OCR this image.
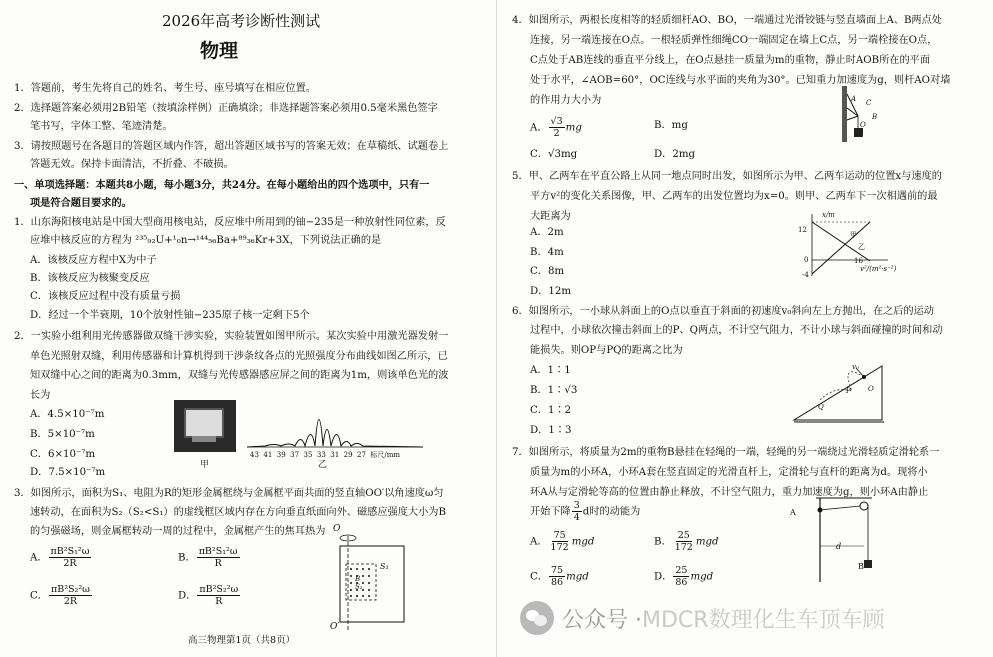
2026年高考诊断性测试
物理
1．答题前，考生先将自己的姓名、考生号、座号填写在相应位置。
2．选择题答案必须用2B铅笔（按填涂样例）正确填涂；非选择题答案必须用0.5毫米黑色签字
笔书写，字体工整、笔迹清楚。
3．请按照题号在各题目的答题区域内作答，超出答题区域书写的答案无效；在草稿纸、试题卷上
答题无效。保持卡面清洁，不折叠、不破损。
一、单项选择题：本题共8小题，每小题3分，共24分。在每小题给出的四个选项中，只有一
项是符合题目要求的。
1．山东海阳核电站是中国大型商用核电站，反应堆中所用到的铀−235是一种放射性同位素，反
应堆中核反应的方程为 ²³⁵₉₂U+¹₀n→¹⁴⁴₅₆Ba+⁸⁹₃₆Kr+3X，下列说法正确的是
A．该核反应方程中X为中子
B．该核反应为核聚变反应
C．该核反应过程中没有质量亏损
D．经过一个半衰期，10个放射性铀−235原子核一定剩下5个
2．一实验小组利用光传感器做双缝干涉实验，实验装置如图甲所示。某次实验中用激光器发射一
单色光照射双缝，利用传感器和计算机得到干涉条纹各点的光照强度分布曲线如图乙所示，已
知双缝中心之间的距离为0.3mm，双缝与光传感器感应屏之间的距离为1m，则该单色光的波
长为
A．4.5×10⁻⁷m
B．5×10⁻⁷m
C．6×10⁻⁷m
D．7.5×10⁻⁷m
甲
43 41 39 37 35 33 31 29 27 标尺/mm
乙
3．如图所示，面积为S₁、电阻为R的矩形金属框绕与金属框平面共面的竖直轴OO′以角速度ω匀
速转动，在面积为S₂（S₂<S₁）的虚线框区域内存在方向垂直纸面向外、磁感应强度大小为B
的匀强磁场，则金属框转动一周的过程中，金属框产生的焦耳热为
A． $\frac{\text{πB²S₁²ω}}{2R}$	B． $\frac{\text{πB²S₁²ω}}{R}$
C． $\frac{\text{πB²S₂²ω}}{2R}$	D． $\frac{\text{πB²S₂²ω}}{R}$
O
O′
S₁
B
S₂
高三物理第1页（共8页）
4．如图所示，两根长度相等的轻质细杆AO、BO，一端通过光滑铰链与竖直墙面上A、B两点处
连接，另一端连接在O点。一根轻质弹性细绳CO一端固定在墙上C点，另一端栓接在O点，
C点处于AB连线的垂直平分线上，在O点悬挂一质量为m的重物，静止时AOB所在的平面
处于水平，∠AOB=60°，OC连线与水平面的夹角为30°。已知重力加速度为g，则杆AO对墙
的作用力大小为
A． $\frac{√3}{2}$ mg	B．mg
C．√3mg	D．2mg
A
B
C
O
m
5．甲、乙两车在平直公路上从同一地点同时出发，如图所示为甲、乙两车运动的位置x与速度的
平方v²的变化关系图像，甲、乙两车的出发位置均为x=0。则甲、乙两车下一次相遇前的最
大距离为
A．2m
B．4m
C．8m
D．12m
x/m
12
0
-4
16
v²/(m²·s⁻²)
甲
乙
6．如图所示，一小球从斜面上的O点以垂直于斜面的初速度v₀斜向左上方抛出，在之后的运动
过程中，小球依次撞击斜面上的P、Q两点，不计空气阻力，不计小球与斜面碰撞的时间和动
能损失。则OP与PQ的距离之比为
A．1∶1
B．1∶√3
C．1∶2
D．1∶3
v₀
O
P
Q
7．如图所示，将质量为2m的重物B悬挂在轻绳的一端，轻绳的另一端绕过光滑轻质定滑轮系一
质量为m的小环A，小环A套在竖直固定的光滑直杆上，定滑轮与直杆的距离为d。现将小
环A从与定滑轮等高的位置由静止释放，不计空气阻力，重力加速度为g，则小环A由静止
开始下降 $\frac{3}{4}$ d时的动能为
A． $\frac{75}{172}$ mgd	B． $\frac{25}{172}$ mgd
C． $\frac{75}{86}$ mgd	D． $\frac{25}{86}$ mgd
A
d
B
公众号 · MDCR数理化生车顶车顾
